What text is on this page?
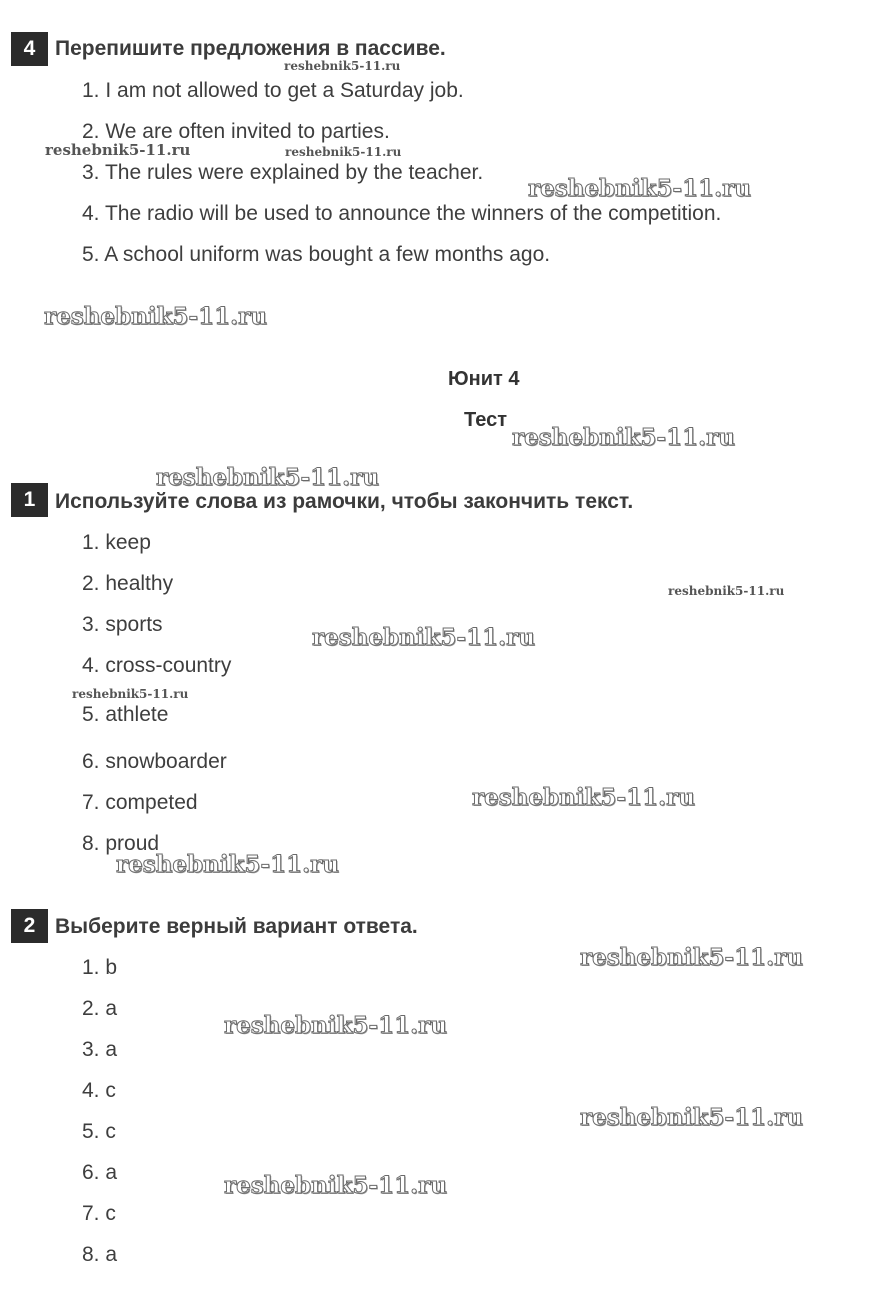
4 Перепишите предложения в пассиве.
1. I am not allowed to get a Saturday job.
2. We are often invited to parties.
3. The rules were explained by the teacher.
4. The radio will be used to announce the winners of the competition.
5. A school uniform was bought a few months ago.
Юнит 4
Тест
1 Используйте слова из рамочки, чтобы закончить текст.
1. keep
2. healthy
3. sports
4. cross-country
5. athlete
6. snowboarder
7. competed
8. proud
2 Выберите верный вариант ответа.
1. b
2. a
3. a
4. c
5. c
6. a
7. c
8. a
reshebnik5-11.ru
reshebnik5-11.ru	reshebnik5-11.ru
reshebnik5-11.ru
reshebnik5-11.ru
reshebnik5-11.ru
reshebnik5-11.ru
reshebnik5-11.ru
reshebnik5-11.ru
reshebnik5-11.ru
reshebnik5-11.ru
reshebnik5-11.ru
reshebnik5-11.ru
reshebnik5-11.ru
reshebnik5-11.ru
reshebnik5-11.ru
